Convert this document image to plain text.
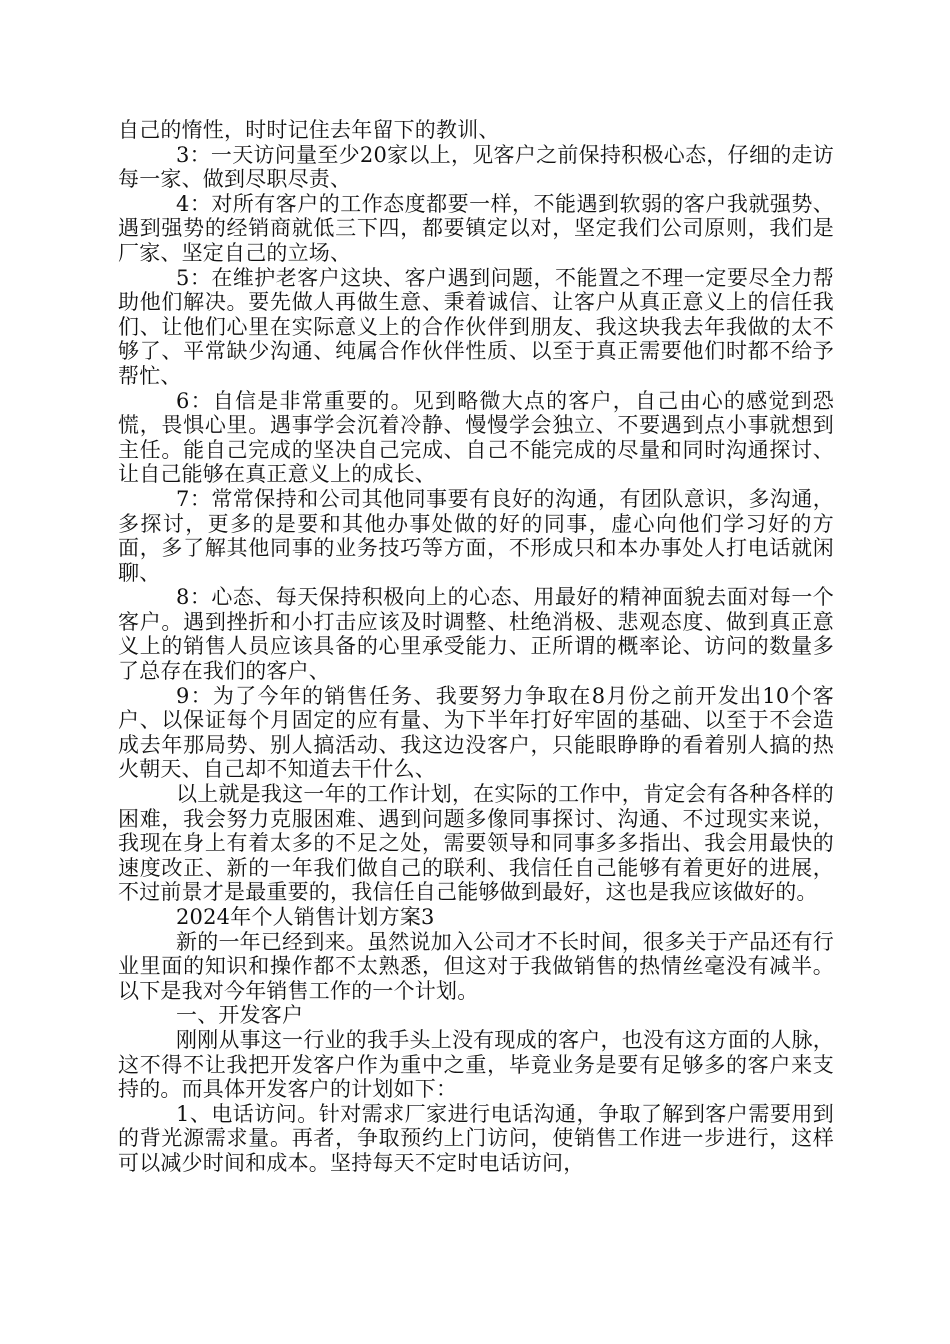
自己的惰性，时时记住去年留下的教训、

3：一天访问量至少20家以上，见客户之前保持积极心态，仔细的走访每一家、做到尽职尽责、

4：对所有客户的工作态度都要一样，不能遇到软弱的客户我就强势、遇到强势的经销商就低三下四，都要镇定以对，坚定我们公司原则，我们是厂家、坚定自己的立场、

5：在维护老客户这块、客户遇到问题，不能置之不理一定要尽全力帮助他们解决。要先做人再做生意、秉着诚信、让客户从真正意义上的信任我们、让他们心里在实际意义上的合作伙伴到朋友、我这块我去年我做的太不够了、平常缺少沟通、纯属合作伙伴性质、以至于真正需要他们时都不给予帮忙、

6：自信是非常重要的。见到略微大点的客户，自己由心的感觉到恐慌，畏惧心里。遇事学会沉着冷静、慢慢学会独立、不要遇到点小事就想到主任。能自己完成的坚决自己完成、自己不能完成的尽量和同时沟通探讨、让自己能够在真正意义上的成长、

7：常常保持和公司其他同事要有良好的沟通，有团队意识，多沟通，多探讨，更多的是要和其他办事处做的好的同事，虚心向他们学习好的方面，多了解其他同事的业务技巧等方面，不形成只和本办事处人打电话就闲聊、

8：心态、每天保持积极向上的心态、用最好的精神面貌去面对每一个客户。遇到挫折和小打击应该及时调整、杜绝消极、悲观态度、做到真正意义上的销售人员应该具备的心里承受能力、正所谓的概率论、访问的数量多了总存在我们的客户、

9：为了今年的销售任务、我要努力争取在8月份之前开发出10个客户、以保证每个月固定的应有量、为下半年打好牢固的基础、以至于不会造成去年那局势、别人搞活动、我这边没客户，只能眼睁睁的看着别人搞的热火朝天、自己却不知道去干什么、

以上就是我这一年的工作计划，在实际的工作中，肯定会有各种各样的困难，我会努力克服困难、遇到问题多像同事探讨、沟通、不过现实来说，我现在身上有着太多的不足之处，需要领导和同事多多指出、我会用最快的速度改正、新的一年我们做自己的联利、我信任自己能够有着更好的进展，不过前景才是最重要的，我信任自己能够做到最好，这也是我应该做好的。

2024年个人销售计划方案3

新的一年已经到来。虽然说加入公司才不长时间，很多关于产品还有行业里面的知识和操作都不太熟悉，但这对于我做销售的热情丝毫没有减半。以下是我对今年销售工作的一个计划。

一、开发客户

刚刚从事这一行业的我手头上没有现成的客户，也没有这方面的人脉，这不得不让我把开发客户作为重中之重，毕竟业务是要有足够多的客户来支持的。而具体开发客户的计划如下：

1、电话访问。针对需求厂家进行电话沟通，争取了解到客户需要用到的背光源需求量。再者，争取预约上门访问，使销售工作进一步进行，这样可以减少时间和成本。坚持每天不定时电话访问，
